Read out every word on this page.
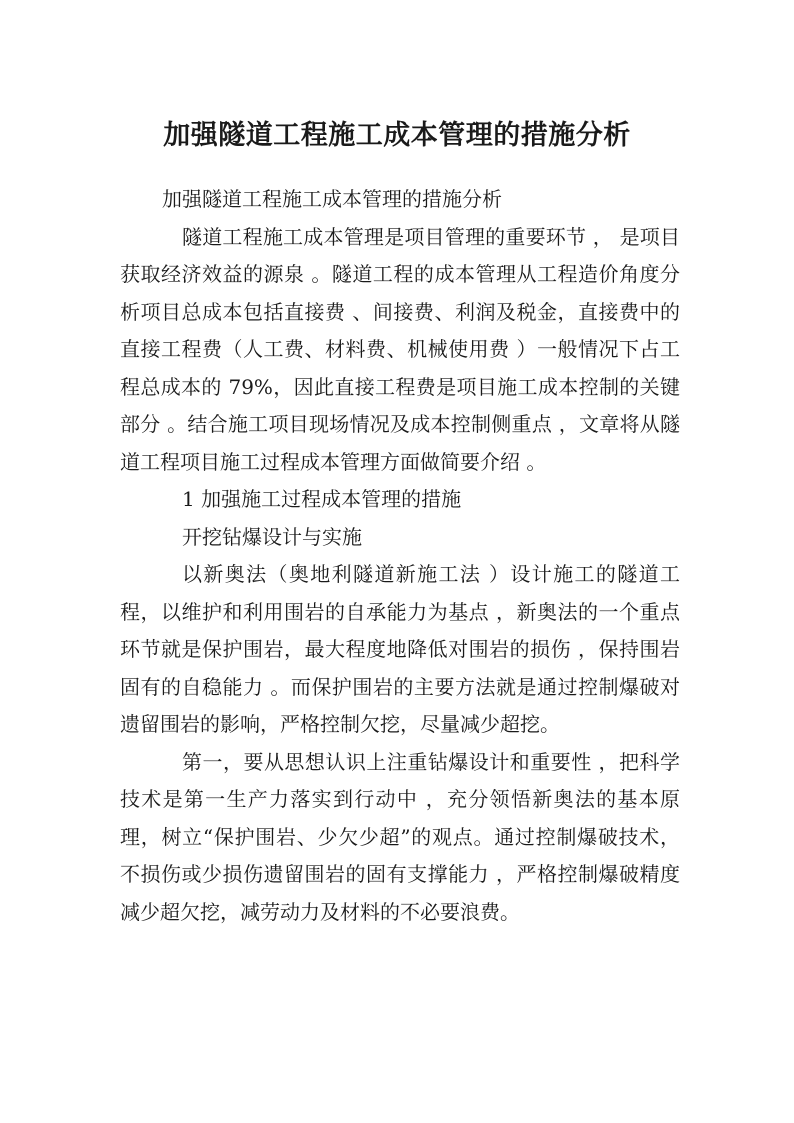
加强隧道工程施工成本管理的措施分析

加强隧道工程施工成本管理的措施分析

隧道工程施工成本管理是项目管理的重要环节 ， 是项目获取经济效益的源泉 。隧道工程的成本管理从工程造价角度分析项目总成本包括直接费 、间接费、利润及税金，直接费中的直接工程费（人工费、材料费、机械使用费 ）一般情况下占工程总成本的 79%，因此直接工程费是项目施工成本控制的关键部分 。结合施工项目现场情况及成本控制侧重点 ，文章将从隧道工程项目施工过程成本管理方面做简要介绍 。

1 加强施工过程成本管理的措施

开挖钻爆设计与实施

以新奥法（奥地利隧道新施工法 ）设计施工的隧道工程，以维护和利用围岩的自承能力为基点 ，新奥法的一个重点环节就是保护围岩，最大程度地降低对围岩的损伤 ，保持围岩固有的自稳能力 。而保护围岩的主要方法就是通过控制爆破对遗留围岩的影响，严格控制欠挖，尽量减少超挖。

第一，要从思想认识上注重钻爆设计和重要性 ，把科学技术是第一生产力落实到行动中 ，充分领悟新奥法的基本原理，树立“保护围岩、少欠少超”的观点。通过控制爆破技术，不损伤或少损伤遗留围岩的固有支撑能力 ，严格控制爆破精度减少超欠挖，减劳动力及材料的不必要浪费。
